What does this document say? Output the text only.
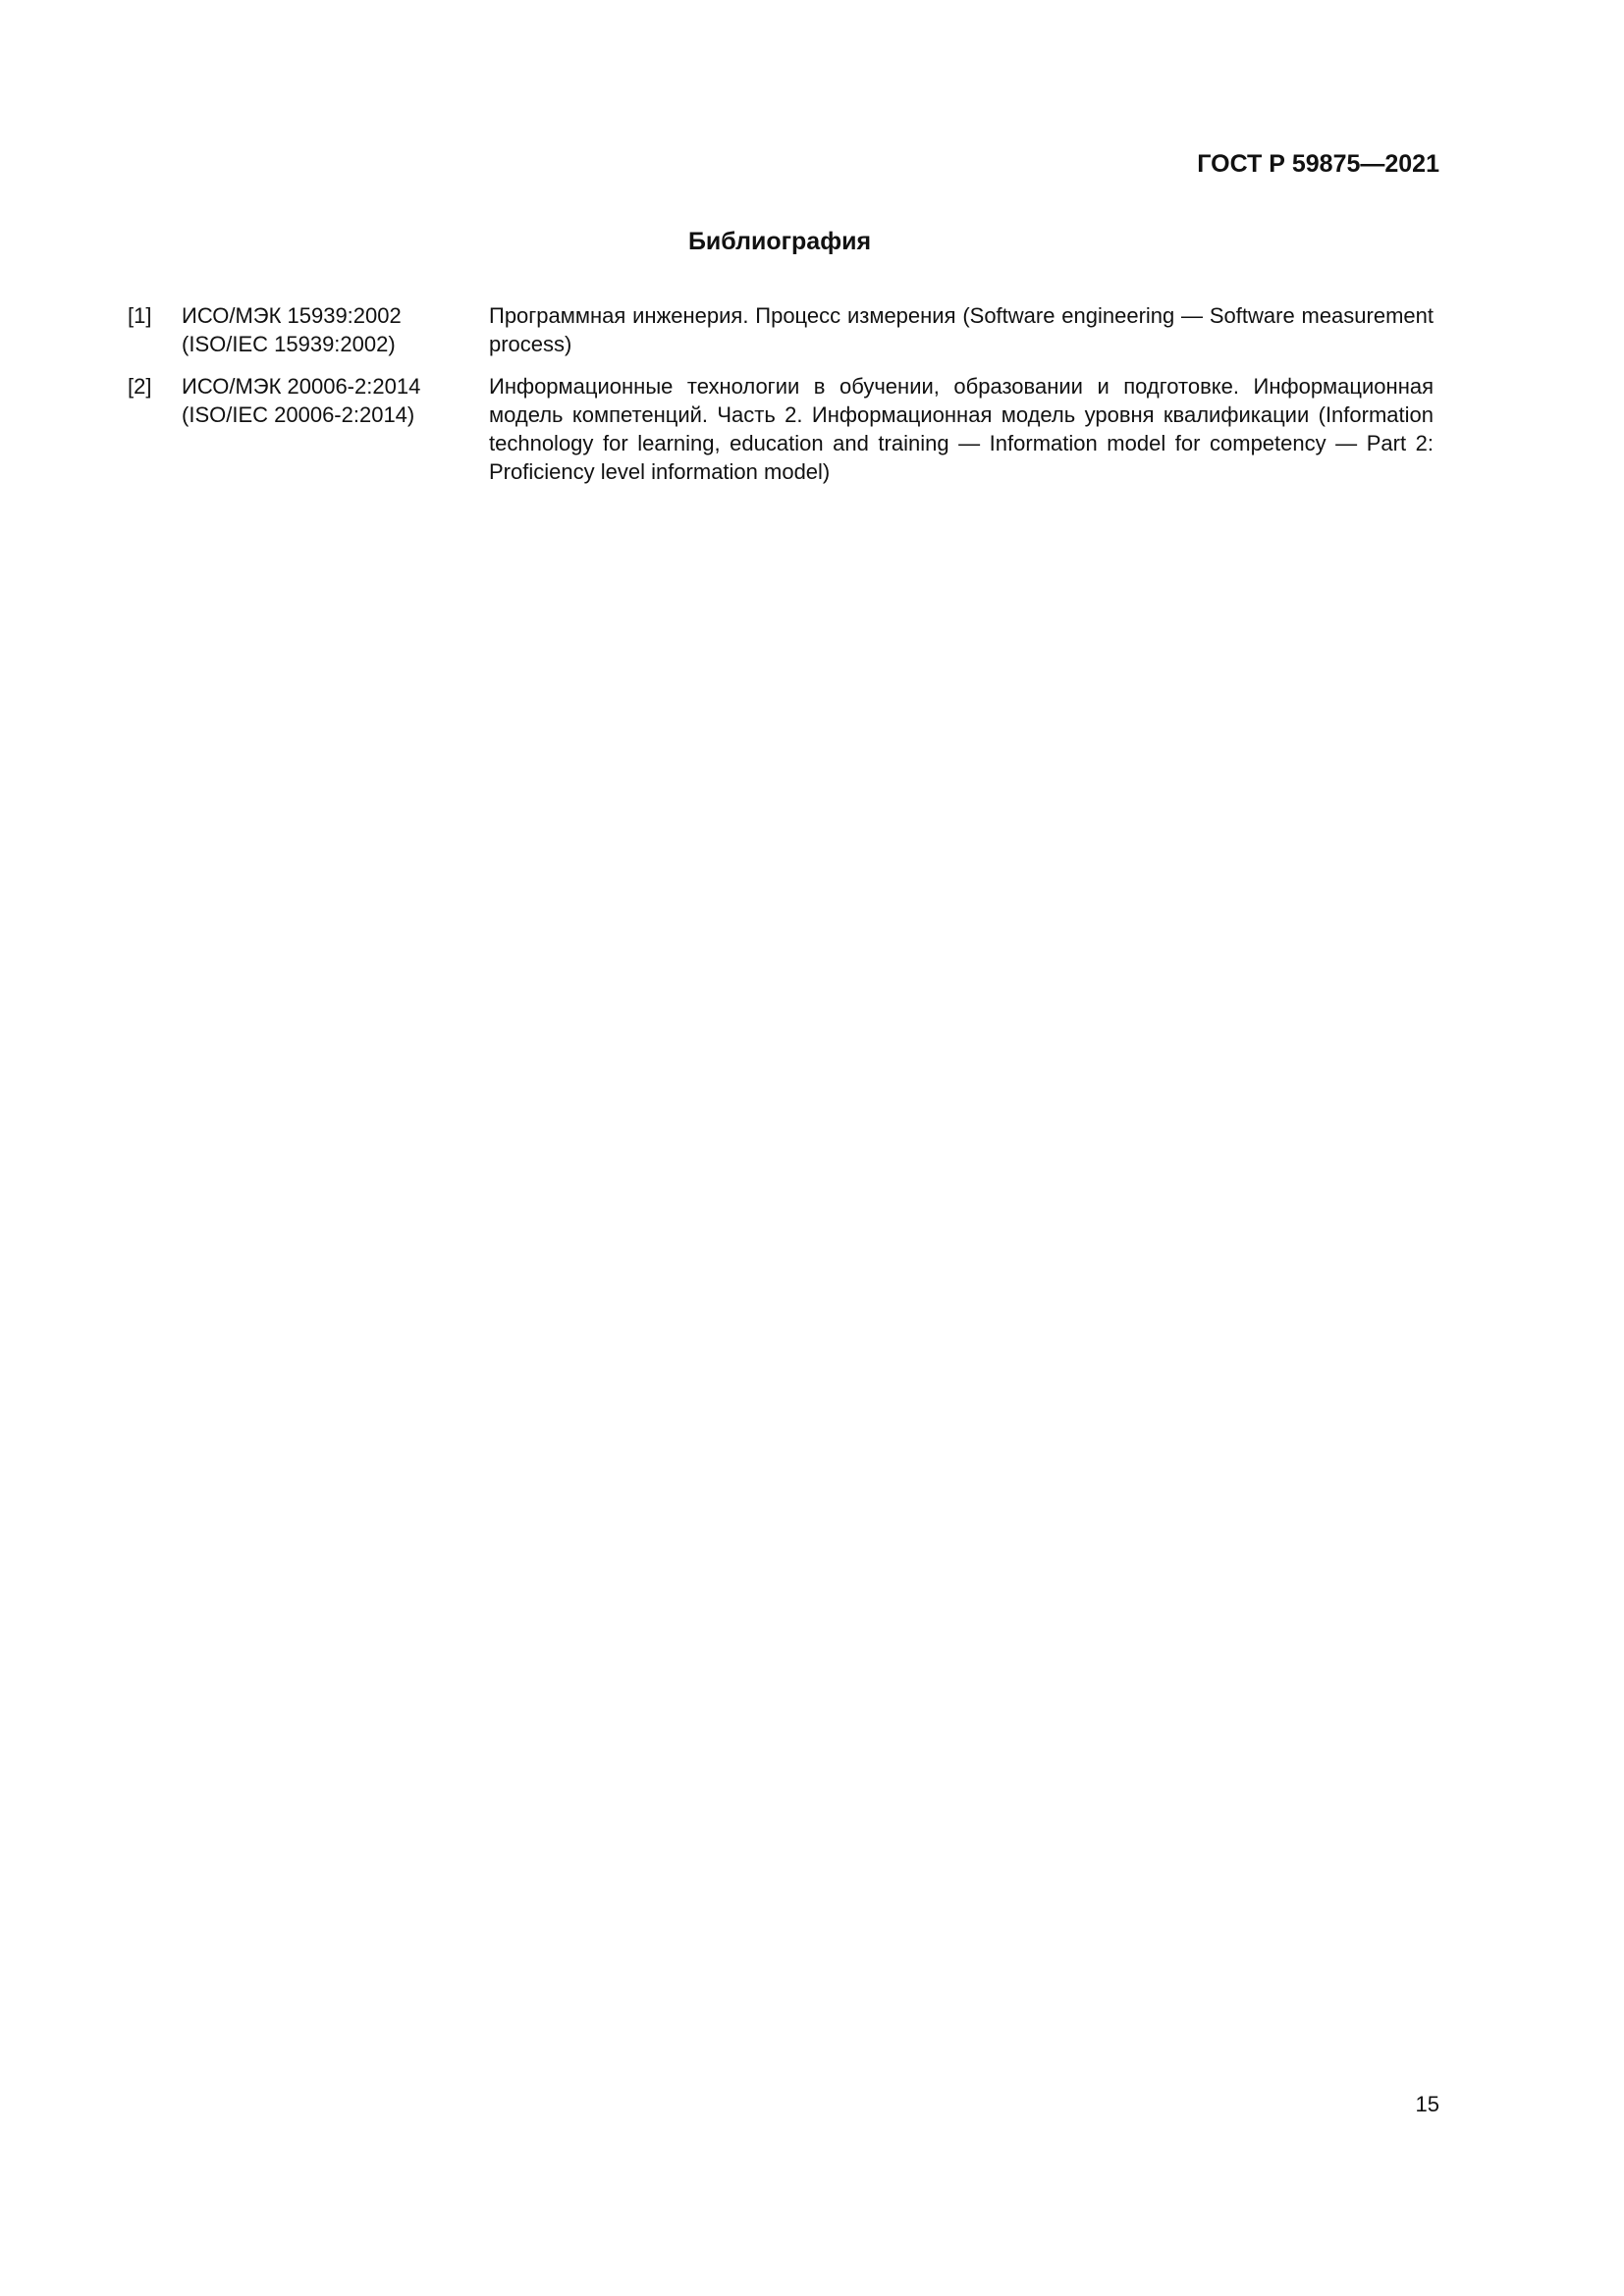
ГОСТ Р 59875—2021
Библиография
[1]	ИСО/МЭК 15939:2002
(ISO/IEC 15939:2002)
Программная инженерия. Процесс измерения (Software engineering — Software measurement process)
[2]	ИСО/МЭК 20006-2:2014
(ISO/IEC 20006-2:2014)
Информационные технологии в обучении, образовании и подготовке. Информационная модель компетенций. Часть 2. Информационная модель уровня квалификации (Information technology for learning, education and training — Information model for competency — Part 2: Proficiency level information model)
15
